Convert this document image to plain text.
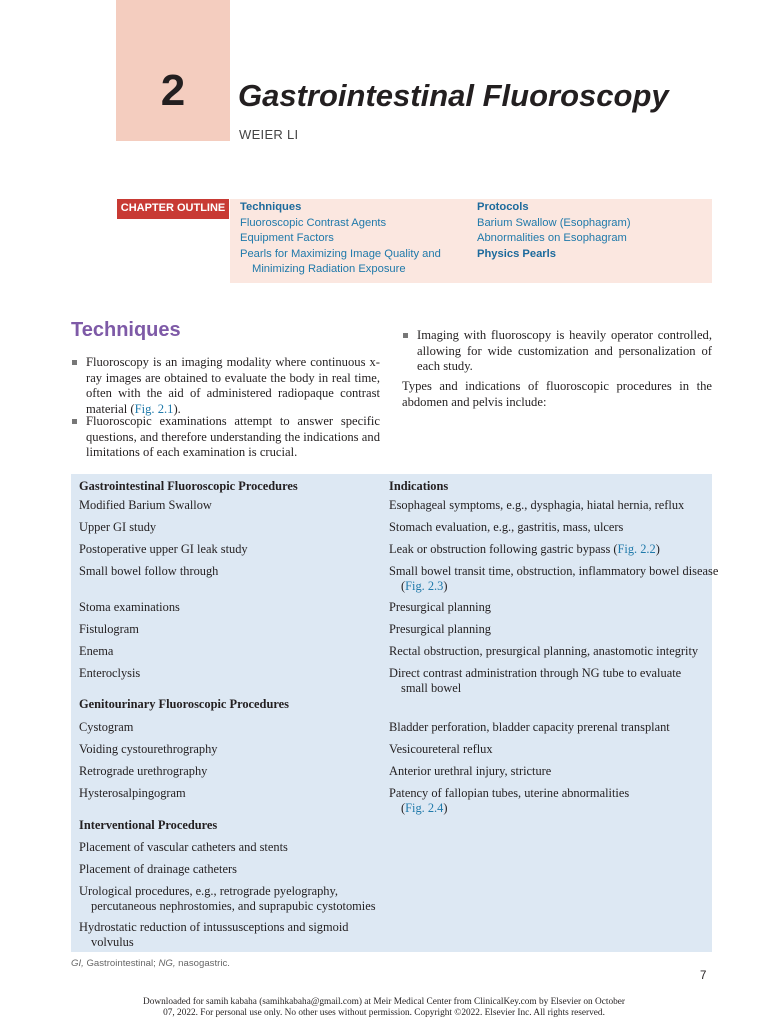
2	Gastrointestinal Fluoroscopy
WEIER LI
CHAPTER OUTLINE	Techniques
Fluoroscopic Contrast Agents
Equipment Factors
Pearls for Maximizing Image Quality and
Minimizing Radiation Exposure
Protocols
Barium Swallow (Esophagram)
Abnormalities on Esophagram
Physics Pearls
Techniques
Fluoroscopy is an imaging modality where continuous x-ray images are obtained to evaluate the body in real time, often with the aid of administered radiopaque contrast material (Fig. 2.1).
Fluoroscopic examinations attempt to answer specific questions, and therefore understanding the indications and limitations of each examination is crucial.
Imaging with fluoroscopy is heavily operator controlled, allowing for wide customization and personalization of each study.
Types and indications of fluoroscopic procedures in the abdomen and pelvis include:
Gastrointestinal Fluoroscopic Procedures	Indications
Modified Barium Swallow	Esophageal symptoms, e.g., dysphagia, hiatal hernia, reflux
Upper GI study	Stomach evaluation, e.g., gastritis, mass, ulcers
Postoperative upper GI leak study	Leak or obstruction following gastric bypass (Fig. 2.2)
Small bowel follow through	Small bowel transit time, obstruction, inflammatory bowel disease (Fig. 2.3)
Stoma examinations	Presurgical planning
Fistulogram	Presurgical planning
Enema	Rectal obstruction, presurgical planning, anastomotic integrity
Enteroclysis	Direct contrast administration through NG tube to evaluate small bowel
Genitourinary Fluoroscopic Procedures
Cystogram	Bladder perforation, bladder capacity prerenal transplant
Voiding cystourethrography	Vesicoureteral reflux
Retrograde urethrography	Anterior urethral injury, stricture
Hysterosalpingogram	Patency of fallopian tubes, uterine abnormalities
(Fig. 2.4)
Interventional Procedures
Placement of vascular catheters and stents
Placement of drainage catheters
Urological procedures, e.g., retrograde pyelography, percutaneous nephrostomies, and suprapubic cystotomies
Hydrostatic reduction of intussusceptions and sigmoid volvulus
GI, Gastrointestinal; NG, nasogastric.
7
Downloaded for samih kabaha (samihkabaha@gmail.com) at Meir Medical Center from ClinicalKey.com by Elsevier on October
07, 2022. For personal use only. No other uses without permission. Copyright ©2022. Elsevier Inc. All rights reserved.
